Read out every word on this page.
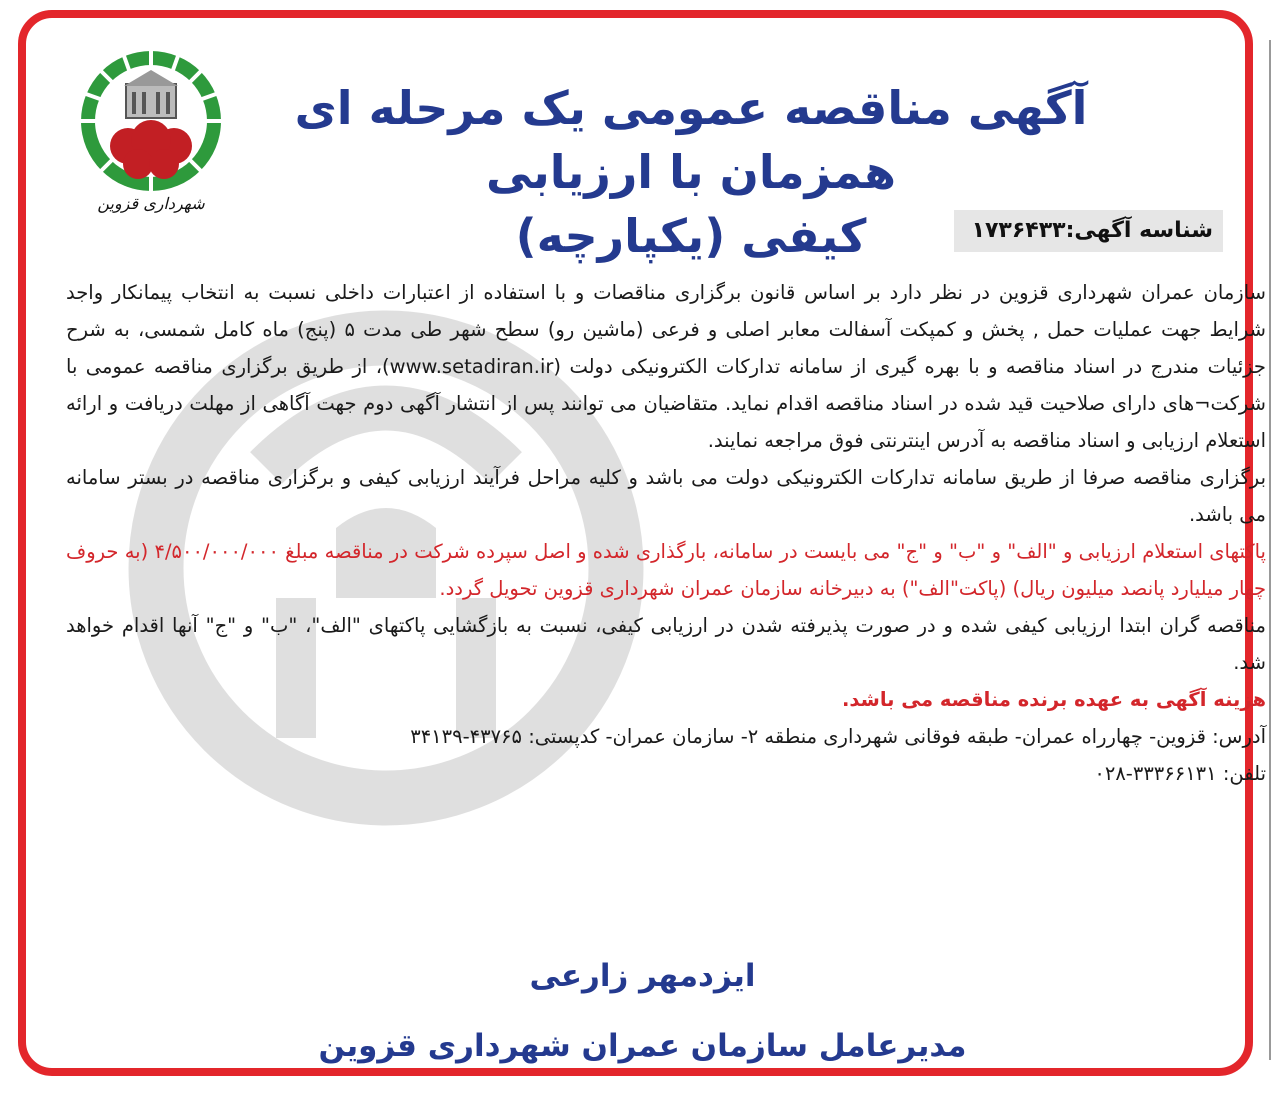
شهرداری قزوین
آگهی مناقصه عمومی یک مرحله ای همزمان با ارزیابی
کیفی (یکپارچه)	شناسه آگهی:۱۷۳۶۴۳۳

سازمان عمران شهرداری قزوین در نظر دارد بر اساس قانون برگزاری مناقصات و با استفاده از اعتبارات داخلی نسبت به انتخاب پیمانکار واجد شرایط جهت عملیات حمل , پخش و کمپکت آسفالت معابر اصلی و فرعی (ماشین رو) سطح شهر طی مدت ۵ (پنج) ماه کامل شمسی، به شرح جزئیات مندرج در اسناد مناقصه و با بهره گیری از سامانه تدارکات الکترونیکی دولت (www.setadiran.ir)، از طریق برگزاری مناقصه عمومی با شرکت¬های دارای صلاحیت قید شده در اسناد مناقصه اقدام نماید. متقاضیان می توانند پس از انتشار آگهی دوم جهت آگاهی از مهلت دریافت و ارائه استعلام ارزیابی و اسناد مناقصه به آدرس اینترنتی فوق مراجعه نمایند.

برگزاری مناقصه صرفا از طریق سامانه تدارکات الکترونیکی دولت می باشد و کلیه مراحل فرآیند ارزیابی کیفی و برگزاری مناقصه در بستر سامانه می باشد.

پاکتهای استعلام ارزیابی و "الف" و "ب" و "ج" می بایست در سامانه، بارگذاری شده و اصل سپرده شرکت در مناقصه مبلغ ۴/۵۰۰/۰۰۰/۰۰۰ (به حروف چهار میلیارد پانصد میلیون ریال) (پاکت"الف") به دبیرخانه سازمان عمران شهرداری قزوین تحویل گردد.

مناقصه گران ابتدا ارزیابی کیفی شده و در صورت پذیرفته شدن در ارزیابی کیفی، نسبت به بازگشایی پاکتهای "الف"، "ب" و "ج" آنها اقدام خواهد شد.

هزینه آگهی به عهده برنده مناقصه می باشد.

آدرس: قزوین- چهارراه عمران- طبقه فوقانی شهرداری منطقه ۲- سازمان عمران- کدپستی: ۴۳۷۶۵-۳۴۱۳۹

تلفن: ۳۳۳۶۶۱۳۱-۰۲۸

ایزدمهر زارعی
مدیرعامل سازمان عمران شهرداری قزوین
